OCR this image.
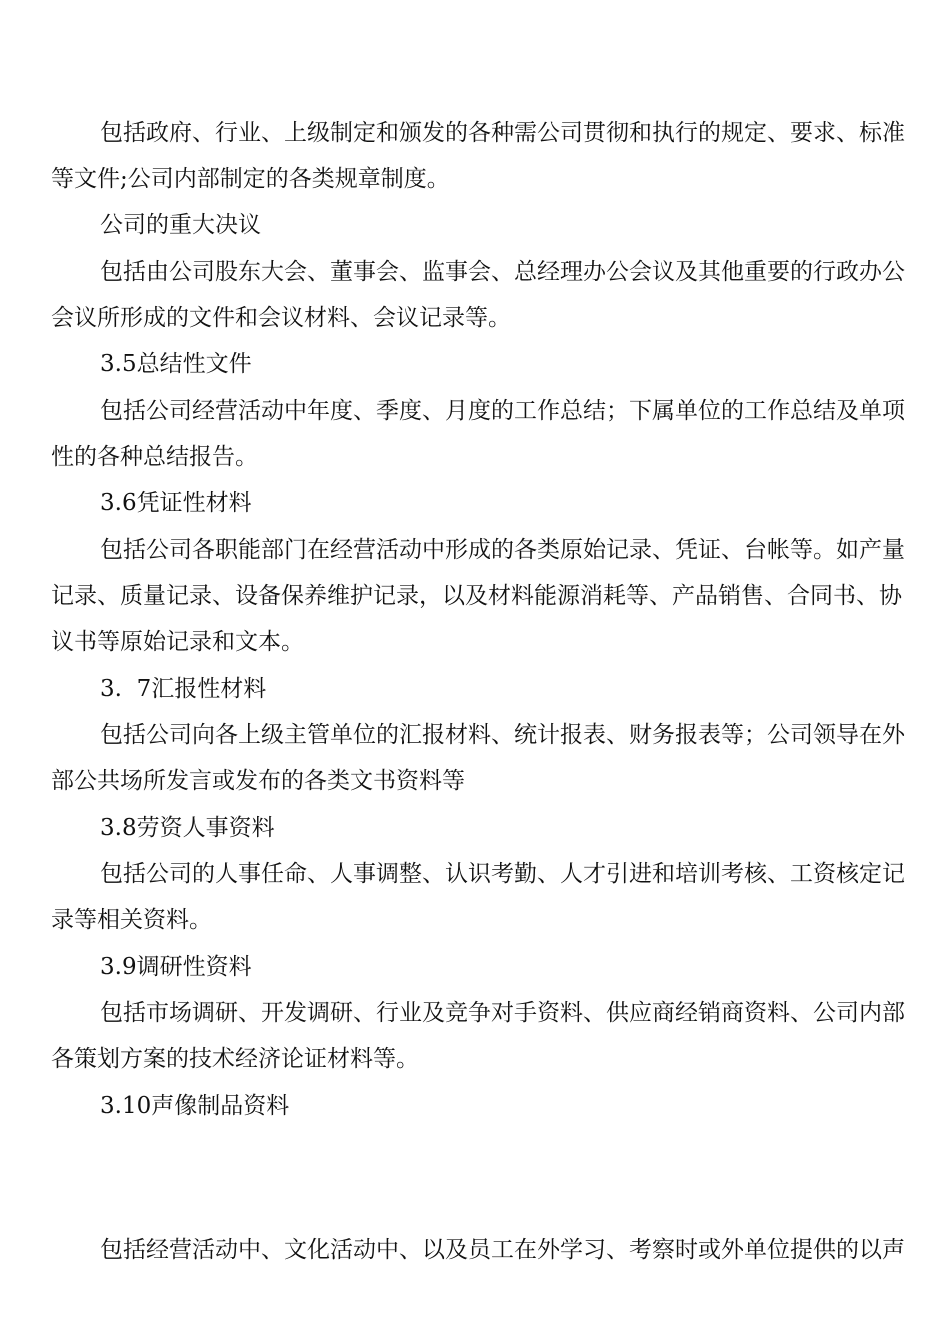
包括政府、行业、上级制定和颁发的各种需公司贯彻和执行的规定、要求、标准
等文件;公司内部制定的各类规章制度。
公司的重大决议
包括由公司股东大会、董事会、监事会、总经理办公会议及其他重要的行政办公
会议所形成的文件和会议材料、会议记录等。
3.5总结性文件
包括公司经营活动中年度、季度、月度的工作总结；下属单位的工作总结及单项
性的各种总结报告。
3.6凭证性材料
包括公司各职能部门在经营活动中形成的各类原始记录、凭证、台帐等。如产量
记录、质量记录、设备保养维护记录，以及材料能源消耗等、产品销售、合同书、协
议书等原始记录和文本。
3.  7汇报性材料
包括公司向各上级主管单位的汇报材料、统计报表、财务报表等；公司领导在外
部公共场所发言或发布的各类文书资料等
3.8劳资人事资料
包括公司的人事任命、人事调整、认识考勤、人才引进和培训考核、工资核定记
录等相关资料。
3.9调研性资料
包括市场调研、开发调研、行业及竞争对手资料、供应商经销商资料、公司内部
各策划方案的技术经济论证材料等。
3.10声像制品资料
包括经营活动中、文化活动中、以及员工在外学习、考察时或外单位提供的以声
